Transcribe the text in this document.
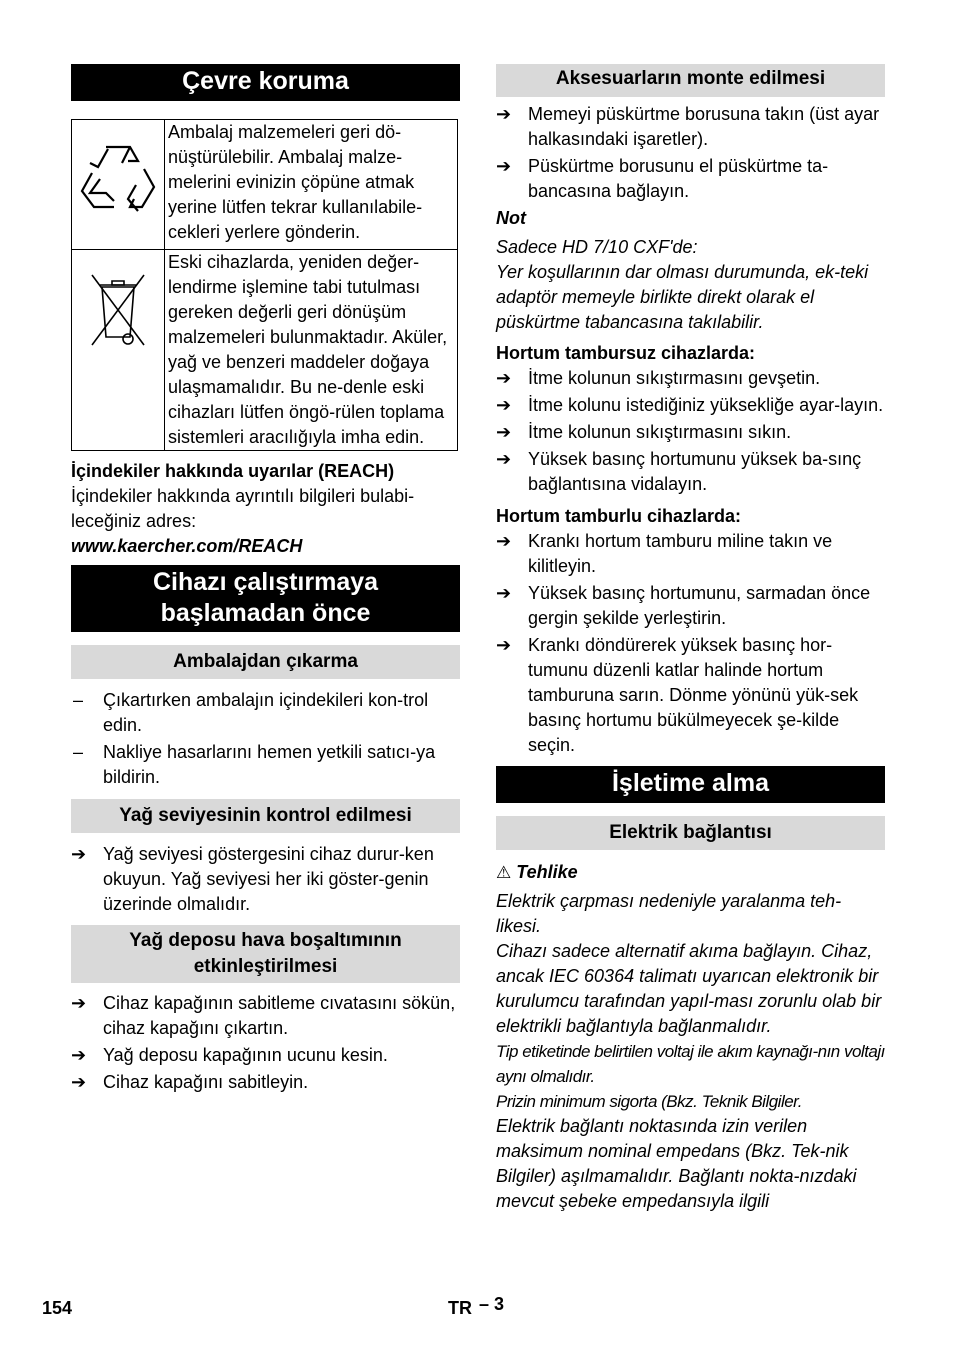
Çevre koruma
	Ambalaj malzemeleri geri dö-nüştürülebilir. Ambalaj malze-melerini evinizin çöpüne atmak yerine lütfen tekrar kullanılabile-cekleri yerlere gönderin.
	Eski cihazlarda, yeniden değer-lendirme işlemine tabi tutulması gereken değerli geri dönüşüm malzemeleri bulunmaktadır. Aküler, yağ ve benzeri maddeler doğaya ulaşmamalıdır. Bu ne-denle eski cihazları lütfen öngö-rülen toplama sistemleri aracılığıyla imha edin.
İçindekiler hakkında uyarılar (REACH)
İçindekiler hakkında ayrıntılı bilgileri bulabi-leceğiniz adres:
www.kaercher.com/REACH
Cihazı çalıştırmaya başlamadan önce
Ambalajdan çıkarma
–	Çıkartırken ambalajın içindekileri kon-trol edin.
–	Nakliye hasarlarını hemen yetkili satıcı-ya bildirin.
Yağ seviyesinin kontrol edilmesi
➔ Yağ seviyesi göstergesini cihaz durur-ken okuyun. Yağ seviyesi her iki göster-genin üzerinde olmalıdır.
Yağ deposu hava boşaltımının etkinleştirilmesi
➔ Cihaz kapağının sabitleme cıvatasını sökün, cihaz kapağını çıkartın.
➔ Yağ deposu kapağının ucunu kesin.
➔ Cihaz kapağını sabitleyin.
Aksesuarların monte edilmesi
➔ Memeyi püskürtme borusuna takın (üst ayar halkasındaki işaretler).
➔ Püskürtme borusunu el püskürtme ta-bancasına bağlayın.
Not
Sadece HD 7/10 CXF'de:
Yer koşullarının dar olması durumunda, ek-teki adaptör memeyle birlikte direkt olarak el püskürtme tabancasına takılabilir.
Hortum tambursuz cihazlarda:
➔ İtme kolunun sıkıştırmasını gevşetin.
➔ İtme kolunu istediğiniz yüksekliğe ayar-layın.
➔ İtme kolunun sıkıştırmasını sıkın.
➔ Yüksek basınç hortumunu yüksek ba-sınç bağlantısına vidalayın.
Hortum tamburlu cihazlarda:
➔ Krankı hortum tamburu miline takın ve kilitleyin.
➔ Yüksek basınç hortumunu, sarmadan önce gergin şekilde yerleştirin.
➔ Krankı döndürerek yüksek basınç hor-tumunu düzenli katlar halinde hortum tamburuna sarın. Dönme yönünü yük-sek basınç hortumu bükülmeyecek şe-kilde seçin.
İşletime alma
Elektrik bağlantısı
⚠ Tehlike
Elektrik çarpması nedeniyle yaralanma teh-likesi.
Cihazı sadece alternatif akıma bağlayın. Cihaz, ancak IEC 60364 talimatı uyarıcan elektronik bir kurulumcu tarafından yapıl-ması zorunlu olab bir elektrikli bağlantıyla bağlanmalıdır.
Tip etiketinde belirtilen voltaj ile akım kaynağı-nın voltajı aynı olmalıdır.
Prizin minimum sigorta (Bkz. Teknik Bilgiler.
Elektrik bağlantı noktasında izin verilen maksimum nominal empedans (Bkz. Tek-nik Bilgiler) aşılmamalıdır. Bağlantı nokta-nızdaki mevcut şebeke empedansıyla ilgili
154	TR – 3
